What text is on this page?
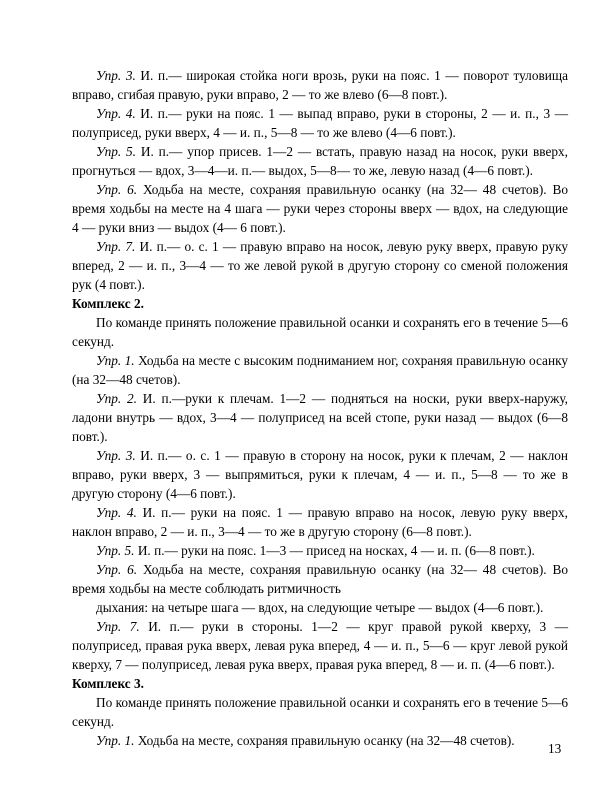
Упр. 3. И. п.— широкая стойка ноги врозь, руки на пояс. 1 — поворот туловища вправо, сгибая правую, руки вправо, 2 — то же влево (6—8 повт.).

Упр. 4. И. п.— руки на пояс. 1 — выпад вправо, руки в стороны, 2 — и. п., 3 — полуприсед, руки вверх, 4 — и. п., 5—8 — то же влево (4—6 повт.).

Упр. 5. И. п.— упор присев. 1—2 — встать, правую назад на носок, руки вверх, прогнуться — вдох, 3—4—и. п.— выдох, 5—8— то же, левую назад (4—6 повт.).

Упр. 6. Ходьба на месте, сохраняя правильную осанку (на 32— 48 счетов). Во время ходьбы на месте на 4 шага — руки через стороны вверх — вдох, на следующие 4 — руки вниз — выдох (4— 6 повт.).

Упр. 7. И. п.— о. с. 1 — правую вправо на носок, левую руку вверх, правую руку вперед, 2 — и. п., 3—4 — то же левой рукой в другую сторону со сменой положения рук (4 повт.).

Комплекс 2.

По команде принять положение правильной осанки и сохранять его в течение 5—6 секунд.

Упр. 1. Ходьба на месте с высоким подниманием ног, сохраняя правильную осанку (на 32—48 счетов).

Упр. 2. И. п.—руки к плечам. 1—2 — подняться на носки, руки вверх-наружу, ладони внутрь — вдох, 3—4 — полуприсед на всей стопе, руки назад — выдох (6—8 повт.).

Упр. 3. И. п.— о. с. 1 — правую в сторону на носок, руки к плечам, 2 — наклон вправо, руки вверх, 3 — выпрямиться, руки к плечам, 4 — и. п., 5—8 — то же в другую сторону (4—6 повт.).

Упр. 4. И. п.— руки на пояс. 1 — правую вправо на носок, левую руку вверх, наклон вправо, 2 — и. п., 3—4 — то же в другую сторону (6—8 повт.).

Упр. 5. И. п.— руки на пояс. 1—3 — присед на носках, 4 — и. п. (6—8 повт.).

Упр. 6. Ходьба на месте, сохраняя правильную осанку (на 32— 48 счетов). Во время ходьбы на месте соблюдать ритмичность

дыхания: на четыре шага — вдох, на следующие четыре — выдох (4—6 повт.).

Упр. 7. И. п.— руки в стороны. 1—2 — круг правой рукой кверху, 3 — полуприсед, правая рука вверх, левая рука вперед, 4 — и. п., 5—6 — круг левой рукой кверху, 7 — полуприсед, левая рука вверх, правая рука вперед, 8 — и. п. (4—6 повт.).

Комплекс 3.

По команде принять положение правильной осанки и сохранять его в течение 5—6 секунд.

Упр. 1. Ходьба на месте, сохраняя правильную осанку (на 32—48 счетов).

13
